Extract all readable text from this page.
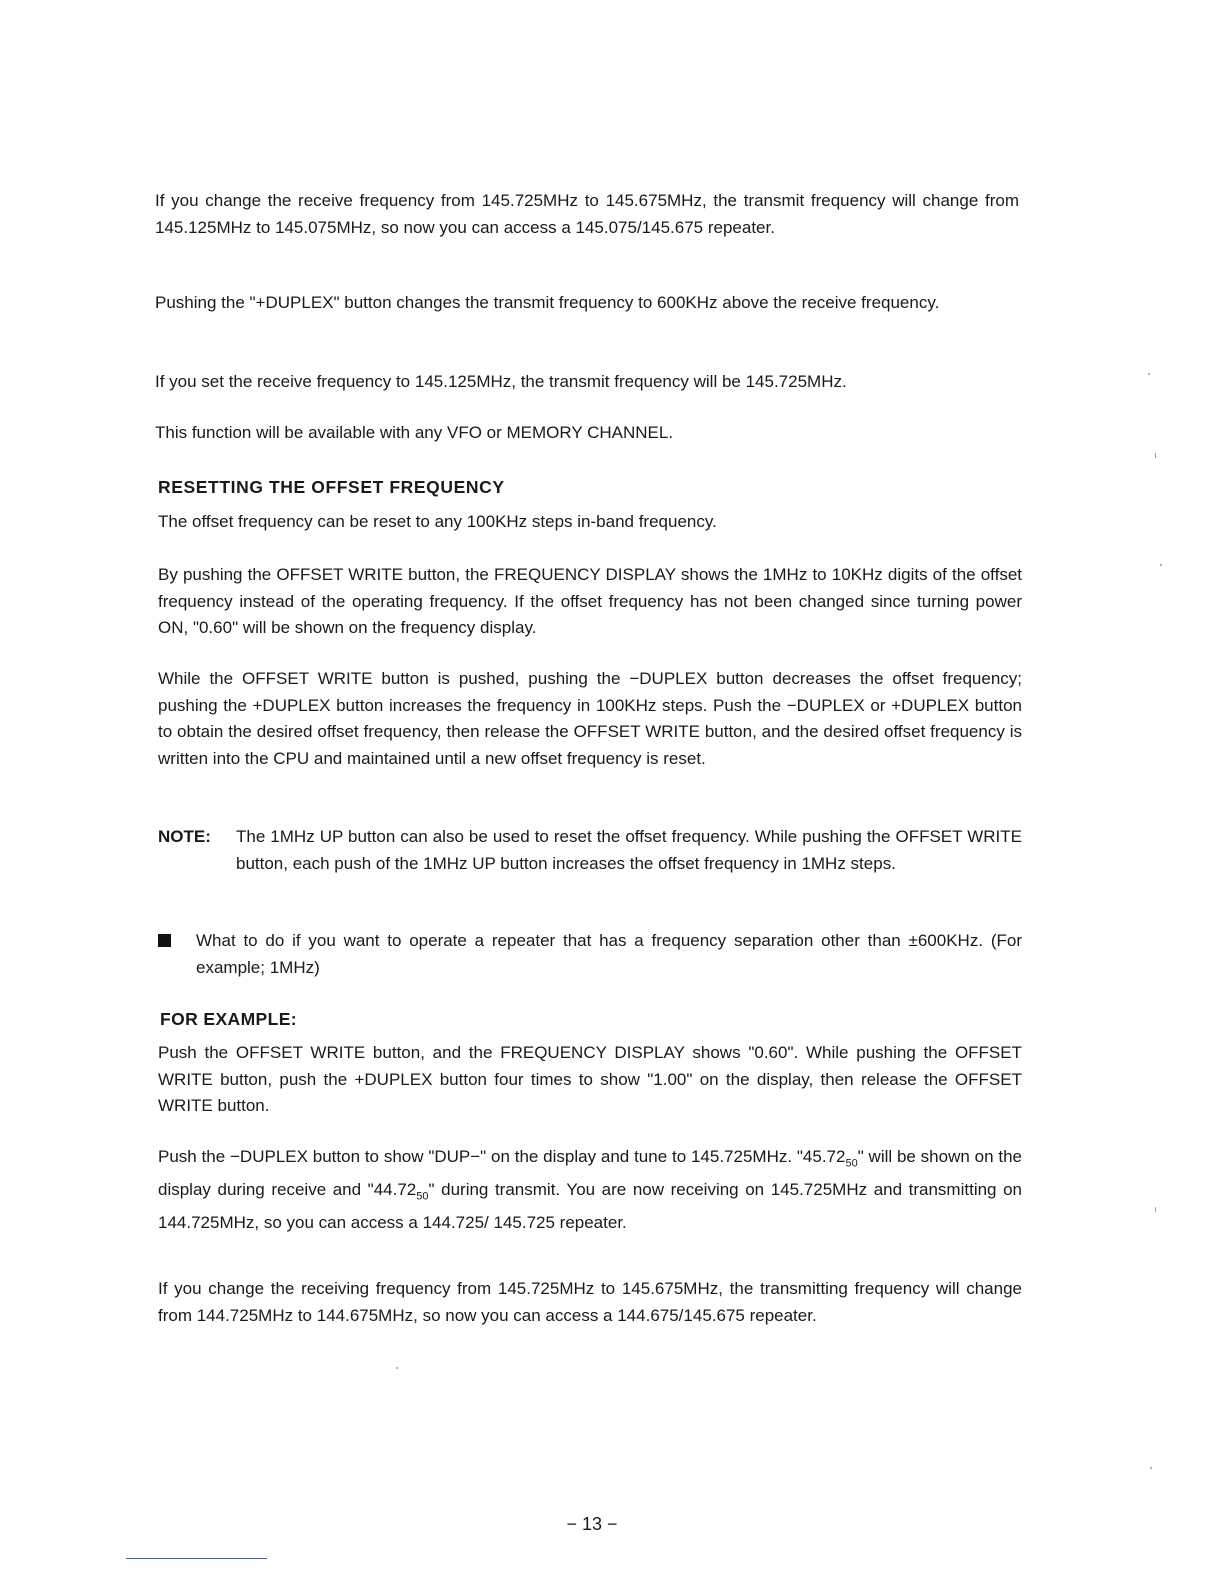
If you change the receive frequency from 145.725MHz to 145.675MHz, the transmit frequency will change from 145.125MHz to 145.075MHz, so now you can access a 145.075/145.675 repeater.

Pushing the "+DUPLEX" button changes the transmit frequency to 600KHz above the receive frequency.

If you set the receive frequency to 145.125MHz, the transmit frequency will be 145.725MHz.

This function will be available with any VFO or MEMORY CHANNEL.

RESETTING THE OFFSET FREQUENCY

The offset frequency can be reset to any 100KHz steps in-band frequency.

By pushing the OFFSET WRITE button, the FREQUENCY DISPLAY shows the 1MHz to 10KHz digits of the offset frequency instead of the operating frequency. If the offset frequency has not been changed since turning power ON, "0.60" will be shown on the frequency display.

While the OFFSET WRITE button is pushed, pushing the −DUPLEX button decreases the offset frequency; pushing the +DUPLEX button increases the frequency in 100KHz steps. Push the −DUPLEX or +DUPLEX button to obtain the desired offset frequency, then release the OFFSET WRITE button, and the desired offset frequency is written into the CPU and maintained until a new offset frequency is reset.

NOTE: The 1MHz UP button can also be used to reset the offset frequency. While pushing the OFFSET WRITE button, each push of the 1MHz UP button increases the offset frequency in 1MHz steps.

What to do if you want to operate a repeater that has a frequency separation other than ±600KHz. (For example; 1MHz)

FOR EXAMPLE:

Push the OFFSET WRITE button, and the FREQUENCY DISPLAY shows "0.60". While pushing the OFFSET WRITE button, push the +DUPLEX button four times to show "1.00" on the display, then release the OFFSET WRITE button.

Push the −DUPLEX button to show "DUP−" on the display and tune to 145.725MHz. "$45.72_{50}$" will be shown on the display during receive and "$44.72_{50}$" during transmit. You are now receiving on 145.725MHz and transmitting on 144.725MHz, so you can access a 144.725/ 145.725 repeater.

If you change the receiving frequency from 145.725MHz to 145.675MHz, the transmitting frequency will change from 144.725MHz to 144.675MHz, so now you can access a 144.675/145.675 repeater.

− 13 −
